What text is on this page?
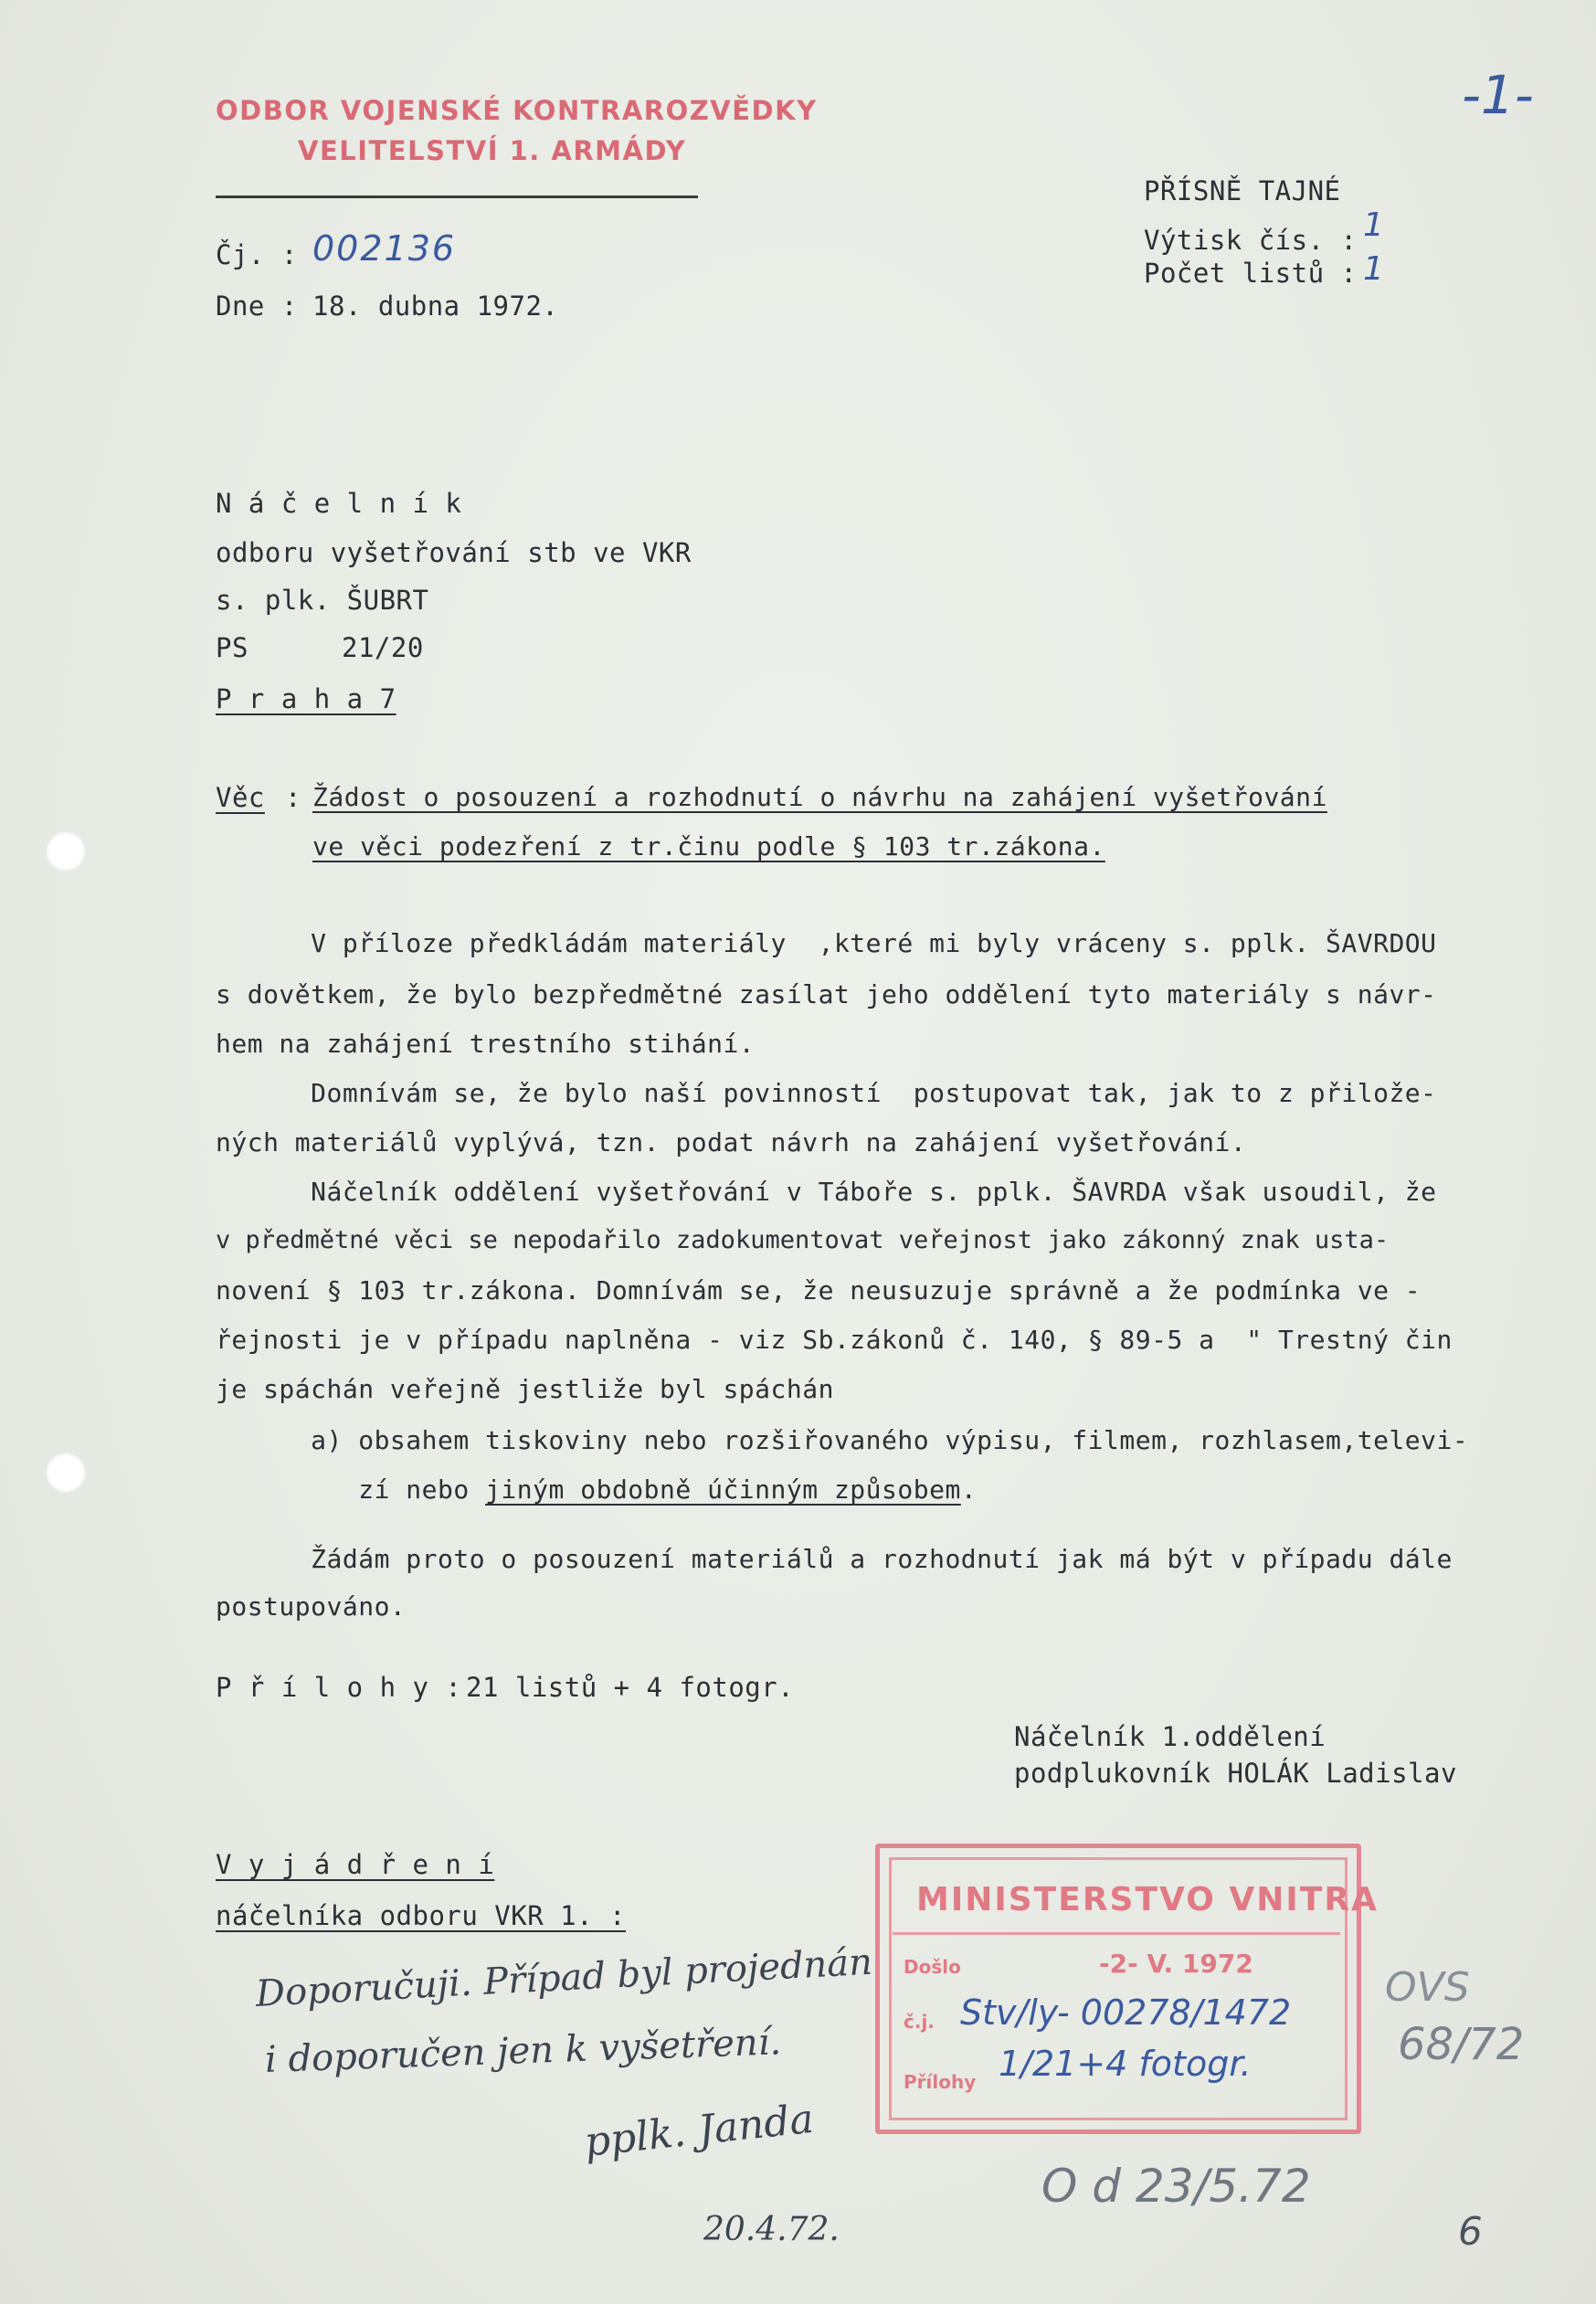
ODBOR VOJENSKÉ KONTRAROZVĚDKY
VELITELSTVÍ 1. ARMÁDY
-1-
Čj. : 002136
Dne : 18. dubna 1972.
PŘÍSNĚ TAJNÉ
Výtisk čís. : 1
Počet listů : 1
N á č e l n í k
odboru vyšetřování stb ve VKR
s. plk. ŠUBRT
PS	21/20
P r a h a 7
Věc : Žádost o posouzení a rozhodnutí o návrhu na zahájení vyšetřování
ve věci podezření z tr.činu podle § 103 tr.zákona.
V příloze předkládám materiály  ,které mi byly vráceny s. pplk. ŠAVRDOU
s dovětkem, že bylo bezpředmětné zasílat jeho oddělení tyto materiály s návr-
hem na zahájení trestního stihání.
Domnívám se, že bylo naší povinností  postupovat tak, jak to z přilože-
ných materiálů vyplývá, tzn. podat návrh na zahájení vyšetřování.
Náčelník oddělení vyšetřování v Táboře s. pplk. ŠAVRDA však usoudil, že
v předmětné věci se nepodařilo zadokumentovat veřejnost jako zákonný znak usta-
novení § 103 tr.zákona. Domnívám se, že neusuzuje správně a že podmínka ve -
řejnosti je v případu naplněna - viz Sb.zákonů č. 140, § 89-5 a  " Trestný čin
je spáchán veřejně jestliže byl spáchán
a) obsahem tiskoviny nebo rozšiřovaného výpisu, filmem, rozhlasem,televi-
zí nebo jiným obdobně účinným způsobem.
Žádám proto o posouzení materiálů a rozhodnutí jak má být v případu dále
postupováno.
P ř í l o h y : 21 listů + 4 fotogr.
Náčelník 1.oddělení
podplukovník HOLÁK Ladislav
V y j á d ř e n í
náčelníka odboru VKR 1. :
Doporučuji. Případ byl projednán
i doporučen jen k vyšetření.
pplk. Janda
20.4.72.
MINISTERSTVO VNITRA
Došlo	-2- V. 1972
č.j. Stv/ly- 00278/1472
Přílohy 1/21+4 fotogr.
OVS
68/72
O d 23/5.72
6
